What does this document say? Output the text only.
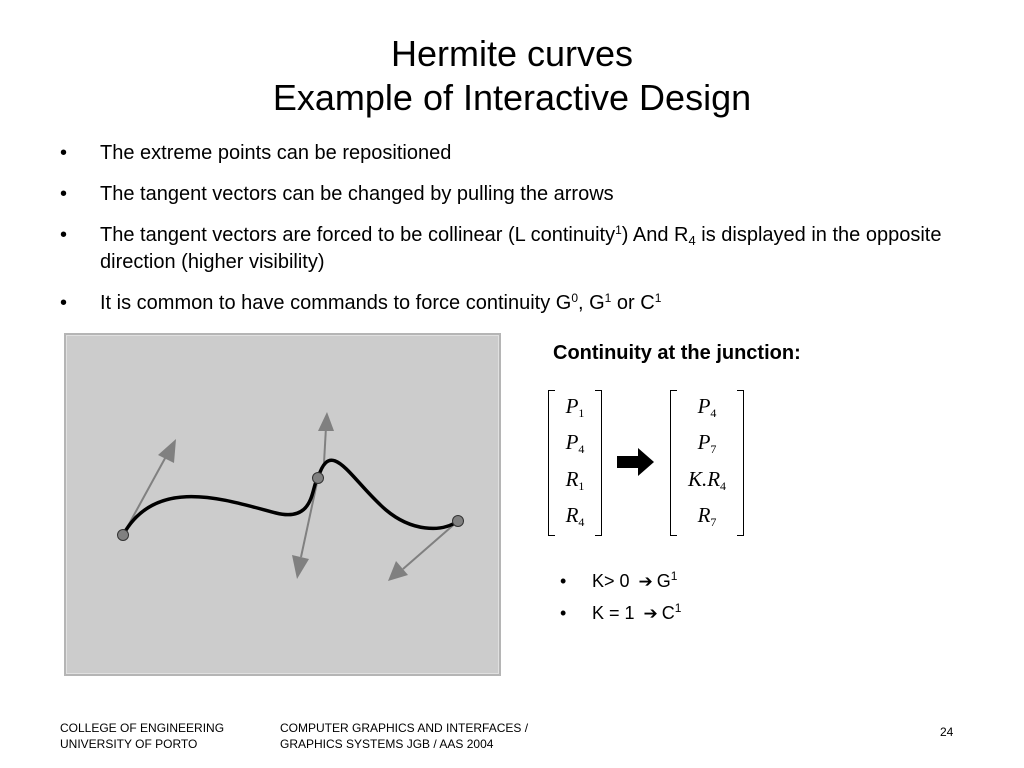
Hermite curves
Example of Interactive Design
• The extreme points can be repositioned
• The tangent vectors can be changed by pulling the arrows
• The tangent vectors are forced to be collinear (L continuity$^1$) And $R_4$ is displayed in the opposite direction (higher visibility)
• It is common to have commands to force continuity $G^0$, $G^1$ or $C^1$
Continuity at the junction:
$P_1$
$P_4$
$R_1$
$R_4$
$P_4$
$P_7$
$K.R_4$
$R_7$
• K> 0 ➔ $G^1$
• K = 1 ➔ $C^1$
COLLEGE OF ENGINEERING
UNIVERSITY OF PORTO
COMPUTER GRAPHICS AND INTERFACES /
GRAPHICS SYSTEMS JGB / AAS 2004
24
